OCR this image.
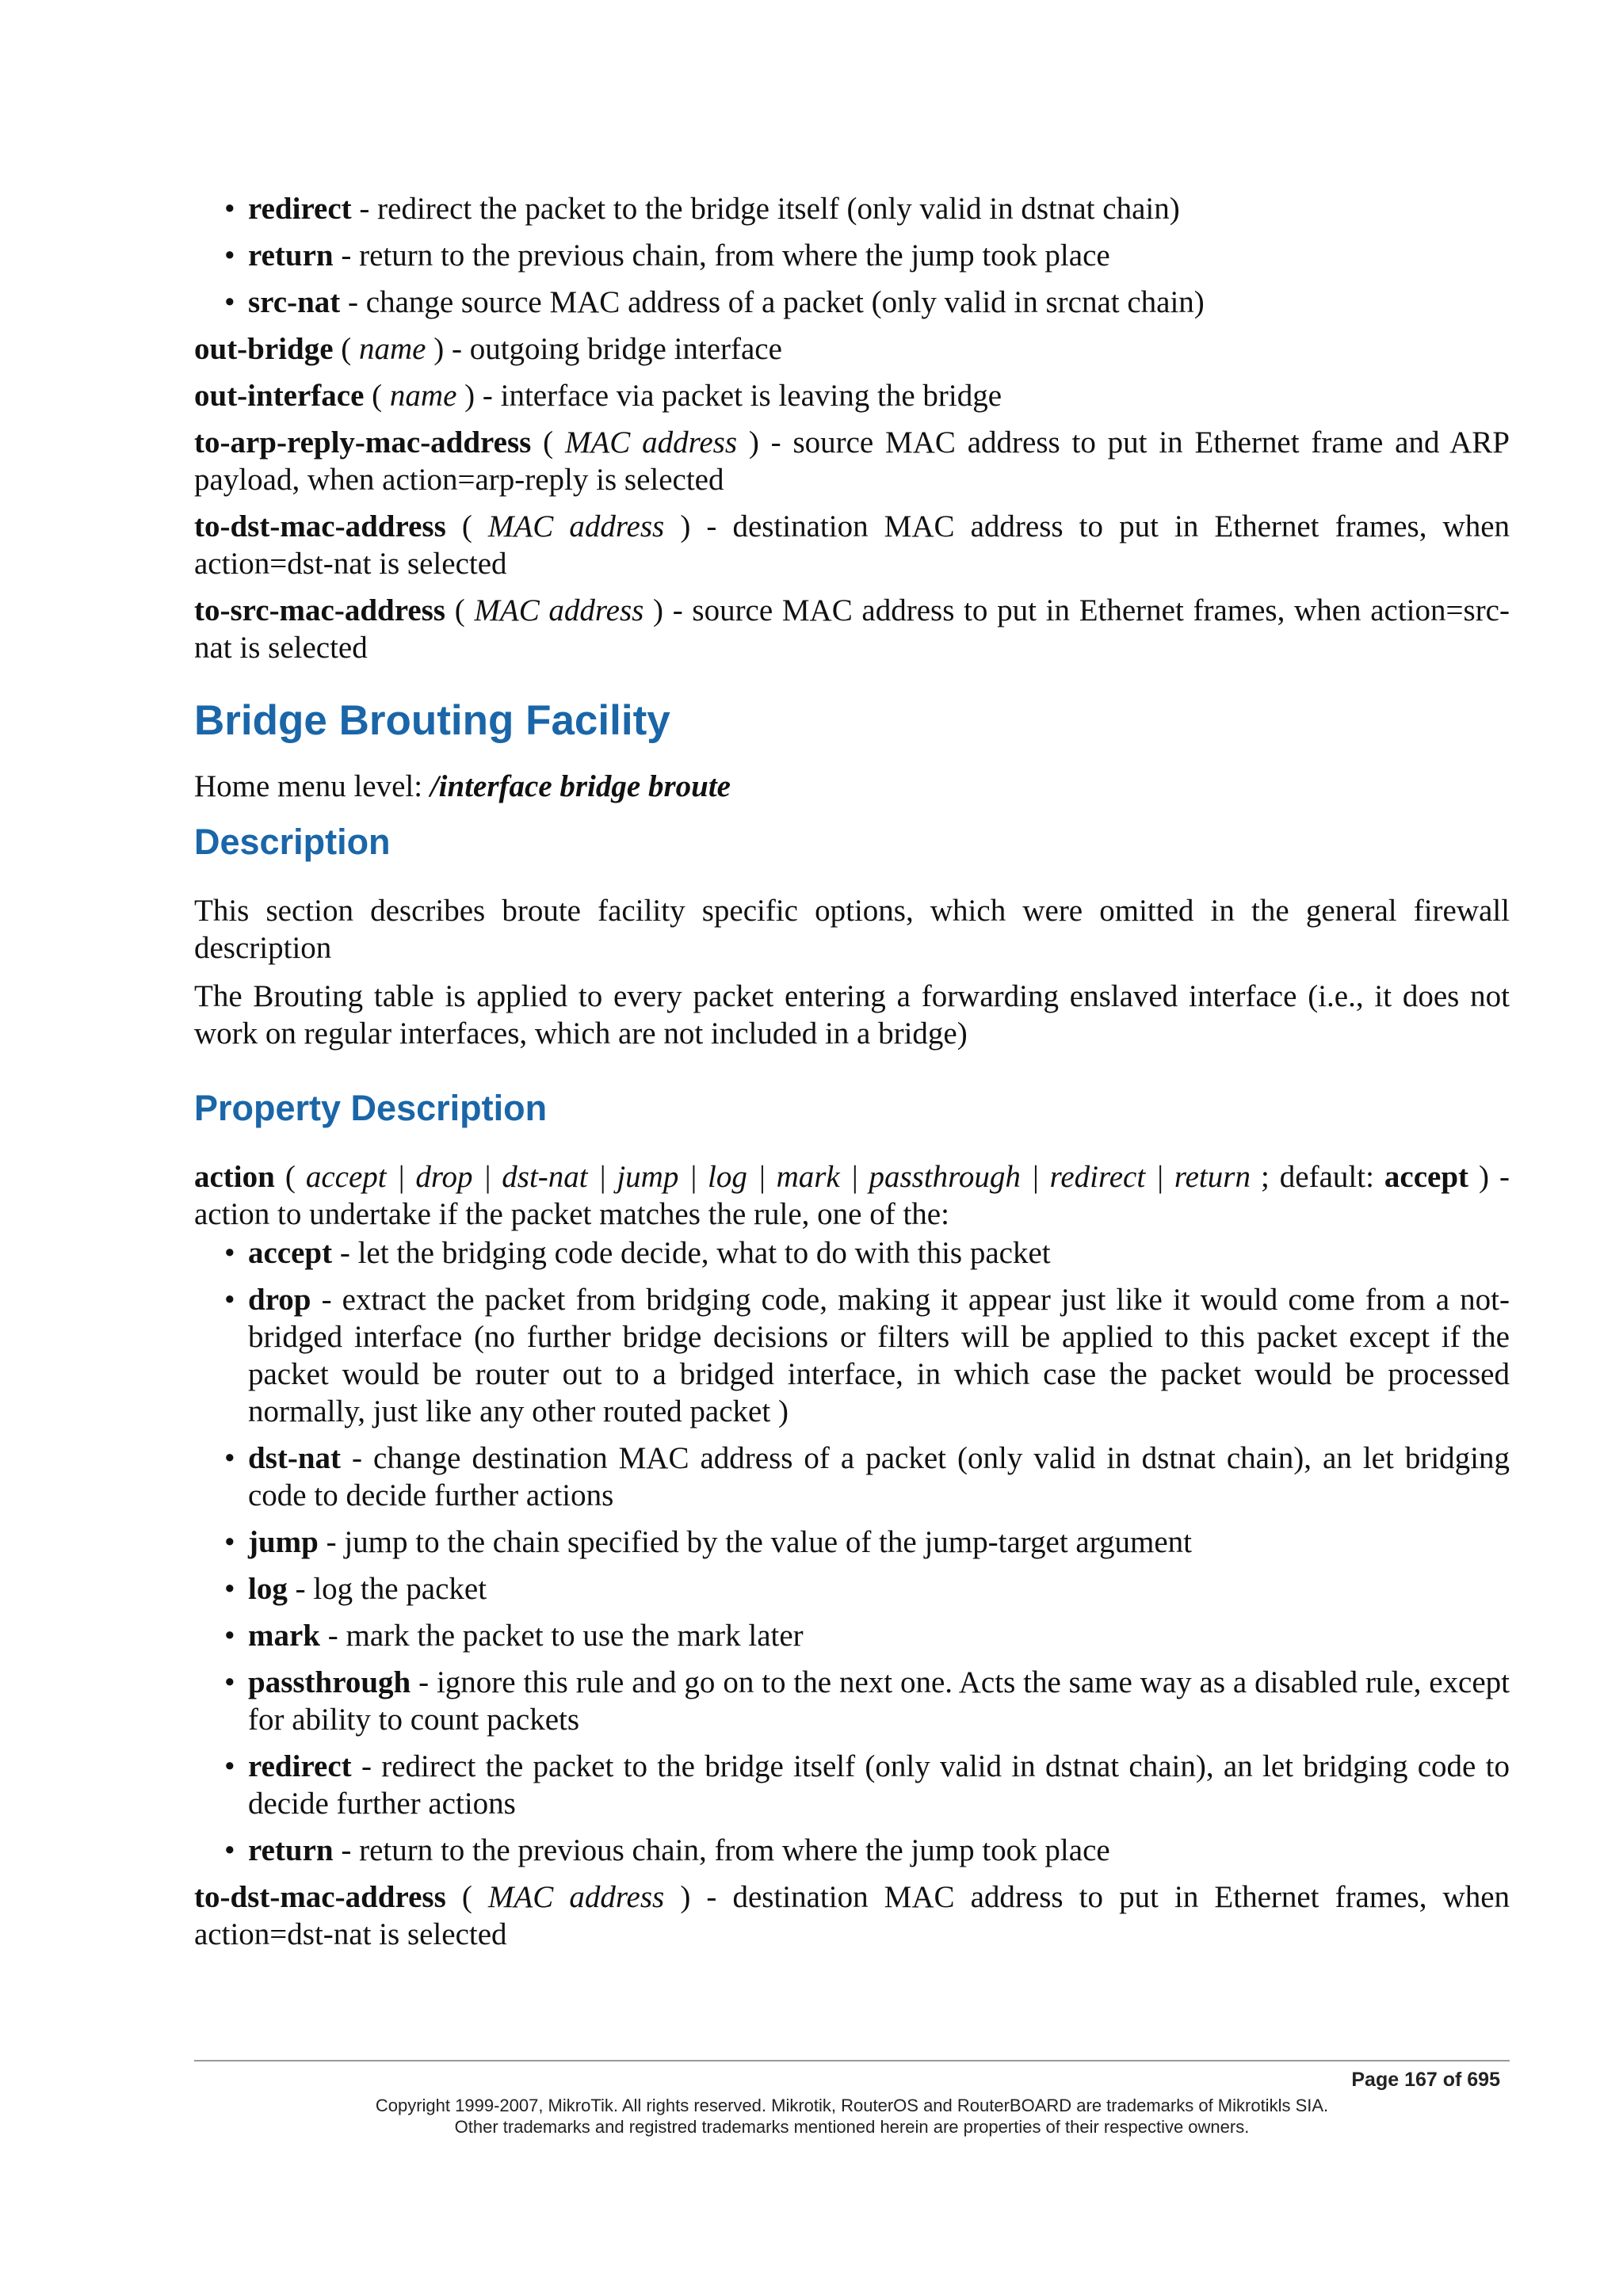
• redirect - redirect the packet to the bridge itself (only valid in dstnat chain)
• return - return to the previous chain, from where the jump took place
• src-nat - change source MAC address of a packet (only valid in srcnat chain)
out-bridge ( name ) - outgoing bridge interface
out-interface ( name ) - interface via packet is leaving the bridge
to-arp-reply-mac-address ( MAC address ) - source MAC address to put in Ethernet frame and ARP payload, when action=arp-reply is selected
to-dst-mac-address ( MAC address ) - destination MAC address to put in Ethernet frames, when action=dst-nat is selected
to-src-mac-address ( MAC address ) - source MAC address to put in Ethernet frames, when action=src-nat is selected
Bridge Brouting Facility

Home menu level: /interface bridge broute

Description

This section describes broute facility specific options, which were omitted in the general firewall description

The Brouting table is applied to every packet entering a forwarding enslaved interface (i.e., it does not work on regular interfaces, which are not included in a bridge)

Property Description
action ( accept | drop | dst-nat | jump | log | mark | passthrough | redirect | return ; default: accept ) - action to undertake if the packet matches the rule, one of the:
• accept - let the bridging code decide, what to do with this packet
• drop - extract the packet from bridging code, making it appear just like it would come from a not-bridged interface (no further bridge decisions or filters will be applied to this packet except if the packet would be router out to a bridged interface, in which case the packet would be processed normally, just like any other routed packet )
• dst-nat - change destination MAC address of a packet (only valid in dstnat chain), an let bridging code to decide further actions
• jump - jump to the chain specified by the value of the jump-target argument
• log - log the packet
• mark - mark the packet to use the mark later
• passthrough - ignore this rule and go on to the next one. Acts the same way as a disabled rule, except for ability to count packets
• redirect - redirect the packet to the bridge itself (only valid in dstnat chain), an let bridging code to decide further actions
• return - return to the previous chain, from where the jump took place
to-dst-mac-address ( MAC address ) - destination MAC address to put in Ethernet frames, when action=dst-nat is selected
Page 167 of 695
Copyright 1999-2007, MikroTik. All rights reserved. Mikrotik, RouterOS and RouterBOARD are trademarks of Mikrotikls SIA.
Other trademarks and registred trademarks mentioned herein are properties of their respective owners.
